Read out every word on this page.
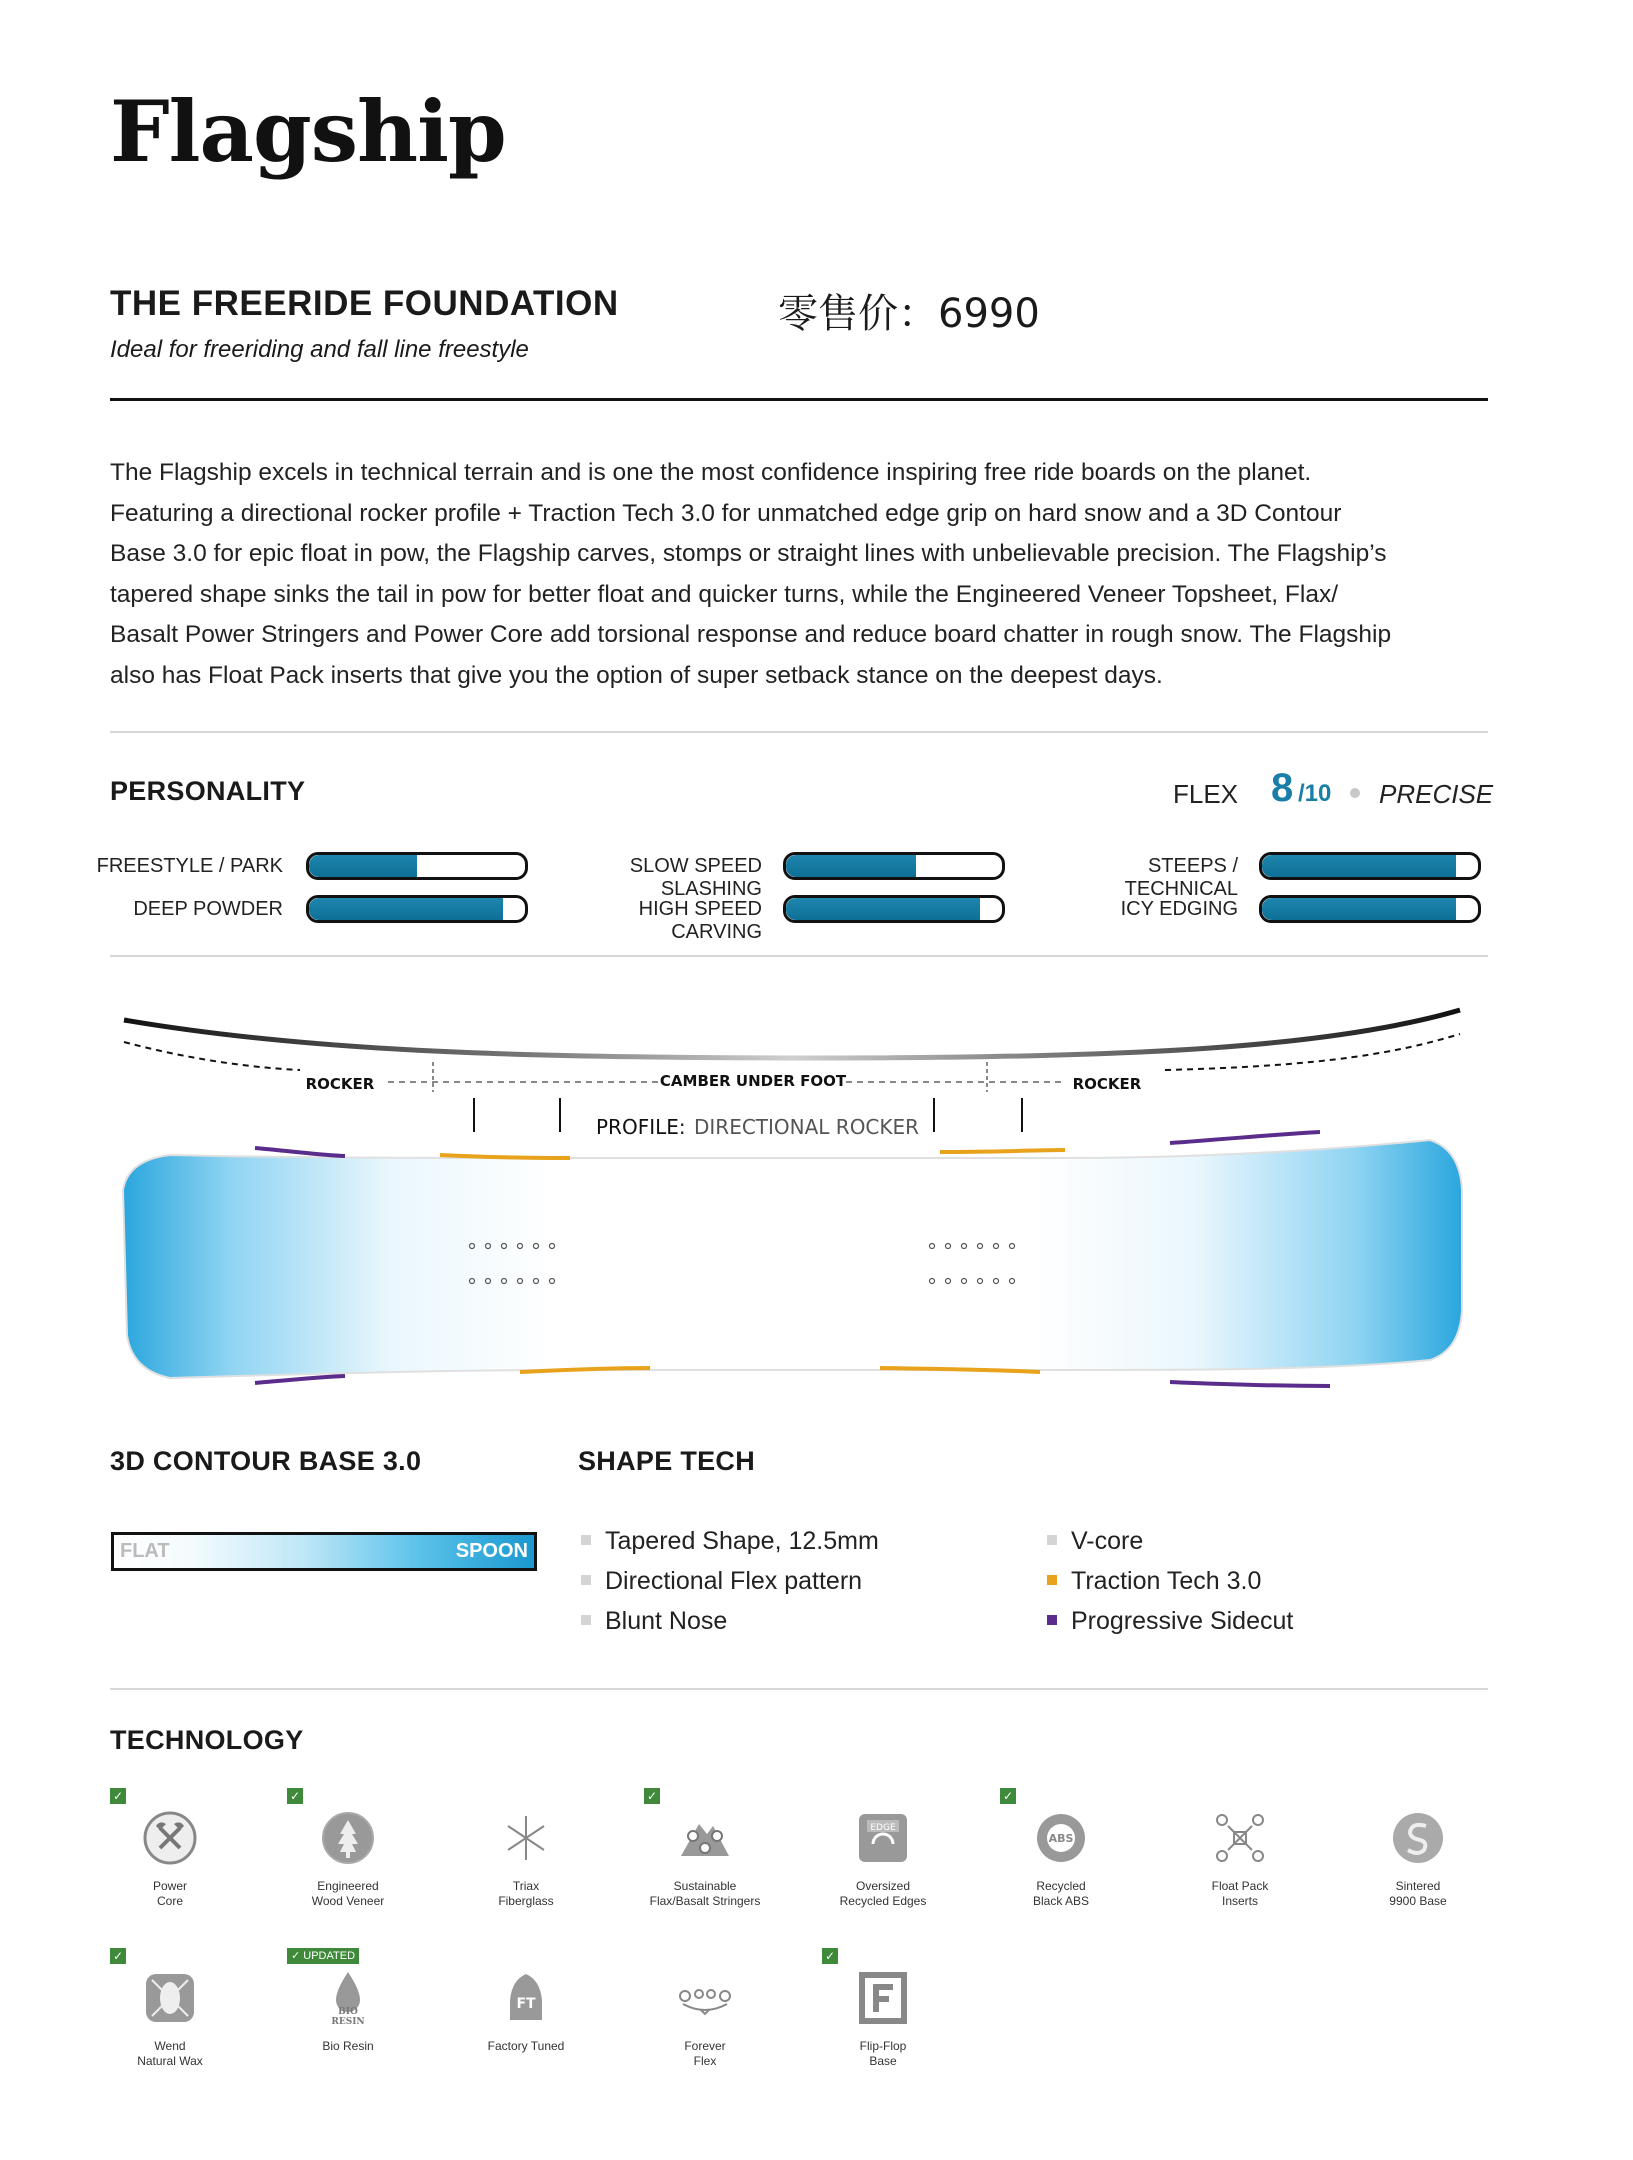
Flagship
THE FREERIDE FOUNDATION
Ideal for freeriding and fall line freestyle
零售价：6990

The Flagship excels in technical terrain and is one the most confidence inspiring free ride boards on the planet.

Featuring a directional rocker profile + Traction Tech 3.0 for unmatched edge grip on hard snow and a 3D Contour

Base 3.0 for epic float in pow, the Flagship carves, stomps or straight lines with unbelievable precision. The Flagship’s

tapered shape sinks the tail in pow for better float and quicker turns, while the Engineered Veneer Topsheet, Flax/

Basalt Power Stringers and Power Core add torsional response and reduce board chatter in rough snow. The Flagship

also has Float Pack inserts that give you the option of super setback stance on the deepest days.

PERSONALITY	FLEX 8 /10 PRECISE
FREESTYLE / PARK
DEEP POWDER
SLOW SPEED SLASHING
HIGH SPEED CARVING
STEEPS / TECHNICAL
ICY EDGING
ROCKER	CAMBER UNDER FOOT	ROCKER
PROFILE: DIRECTIONAL ROCKER
3D CONTOUR BASE 3.0
FLAT	SPOON
SHAPE TECH
Tapered Shape, 12.5mm
Directional Flex pattern
Blunt Nose
V-core
Traction Tech 3.0
Progressive Sidecut
TECHNOLOGY
✓
Power
Core
✓
Engineered
Wood Veneer
Triax
Fiberglass
✓
Sustainable
Flax/Basalt Stringers
EDGE
Oversized
Recycled Edges
✓
ABS
Recycled
Black ABS
Float Pack
Inserts
Sintered
9900 Base
✓
Wend
Natural Wax
✓ UPDATED
BIO
RESIN
Bio Resin
FT
Factory Tuned	Forever
Flex
✓
Flip-Flop
Base
